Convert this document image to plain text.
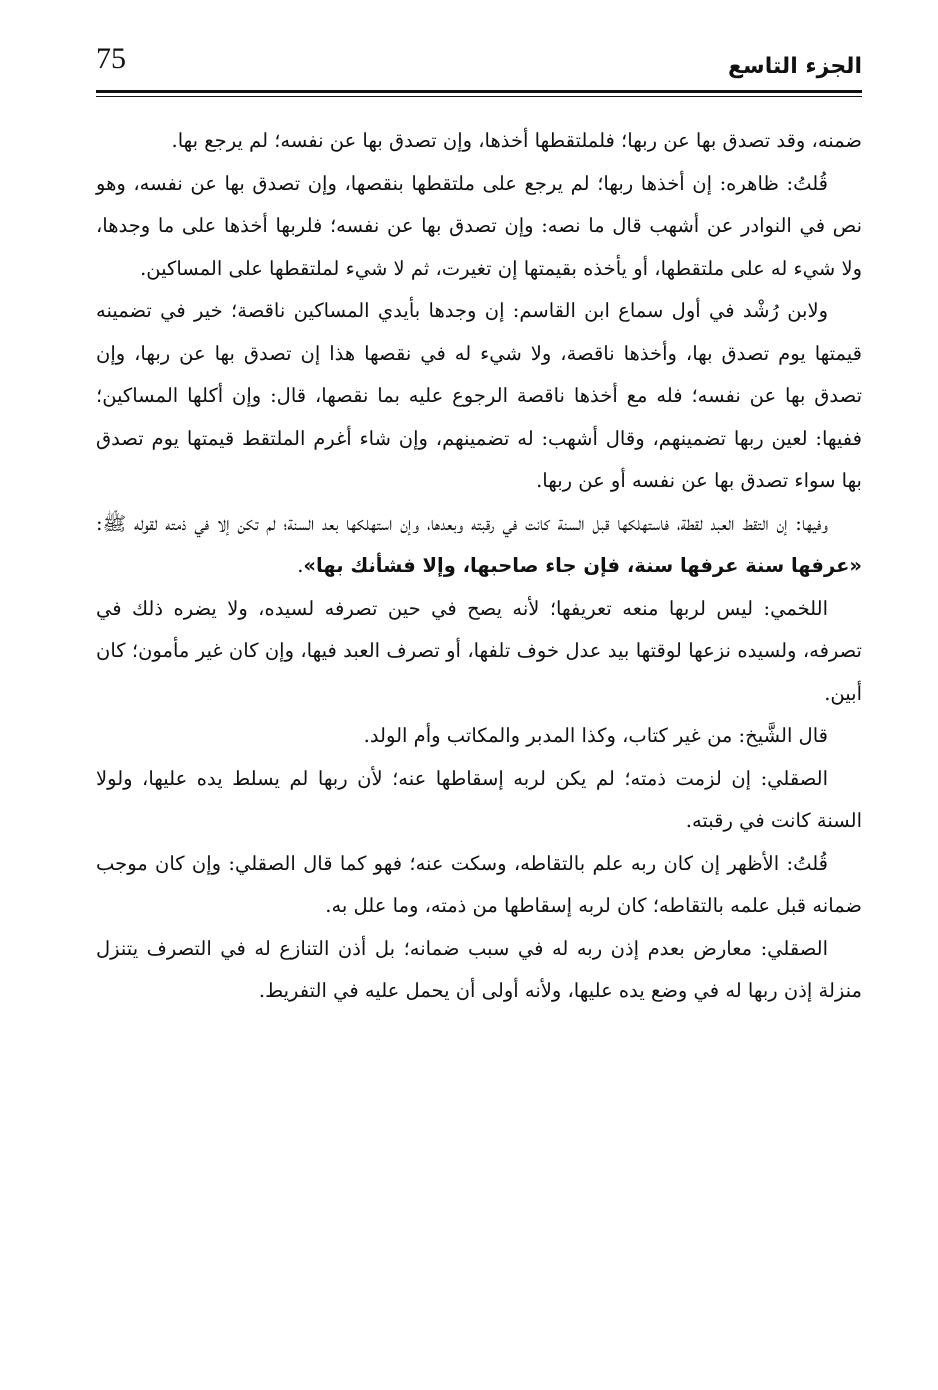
75	الجزء التاسع

ضمنه، وقد تصدق بها عن ربها؛ فلملتقطها أخذها، وإن تصدق بها عن نفسه؛ لم يرجع بها.

قُلتُ: ظاهره: إن أخذها ربها؛ لم يرجع على ملتقطها بنقصها، وإن تصدق بها عن نفسه، وهو نص في النوادر عن أشهب قال ما نصه: وإن تصدق بها عن نفسه؛ فلربها أخذها على ما وجدها، ولا شيء له على ملتقطها، أو يأخذه بقيمتها إن تغيرت، ثم لا شيء لملتقطها على المساكين.

ولابن رُشْد في أول سماع ابن القاسم: إن وجدها بأيدي المساكين ناقصة؛ خير في تضمينه قيمتها يوم تصدق بها، وأخذها ناقصة، ولا شيء له في نقصها هذا إن تصدق بها عن ربها، وإن تصدق بها عن نفسه؛ فله مع أخذها ناقصة الرجوع عليه بما نقصها، قال: وإن أكلها المساكين؛ ففيها: لعين ربها تضمينهم، وقال أشهب: له تضمينهم، وإن شاء أغرم الملتقط قيمتها يوم تصدق بها سواء تصدق بها عن نفسه أو عن ربها.

وفيها: إن التقط العبد لقطة، فاستهلكها قبل السنة كانت في رقبته وبعدها، وإن استهلكها بعد السنة؛ لم تكن إلا في ذمته لقوله ﷺ: «عرفها سنة عرفها سنة، فإن جاء صاحبها، وإلا فشأنك بها».

اللخمي: ليس لربها منعه تعريفها؛ لأنه يصح في حين تصرفه لسيده، ولا يضره ذلك في تصرفه، ولسيده نزعها لوقتها بيد عدل خوف تلفها، أو تصرف العبد فيها، وإن كان غير مأمون؛ كان أبين.

قال الشَّيخ: من غير كتاب، وكذا المدبر والمكاتب وأم الولد.

الصقلي: إن لزمت ذمته؛ لم يكن لربه إسقاطها عنه؛ لأن ربها لم يسلط يده عليها، ولولا السنة كانت في رقبته.

قُلتُ: الأظهر إن كان ربه علم بالتقاطه، وسكت عنه؛ فهو كما قال الصقلي: وإن كان موجب ضمانه قبل علمه بالتقاطه؛ كان لربه إسقاطها من ذمته، وما علل به.

الصقلي: معارض بعدم إذن ربه له في سبب ضمانه؛ بل أذن التنازع له في التصرف يتنزل منزلة إذن ربها له في وضع يده عليها، ولأنه أولى أن يحمل عليه في التفريط.
